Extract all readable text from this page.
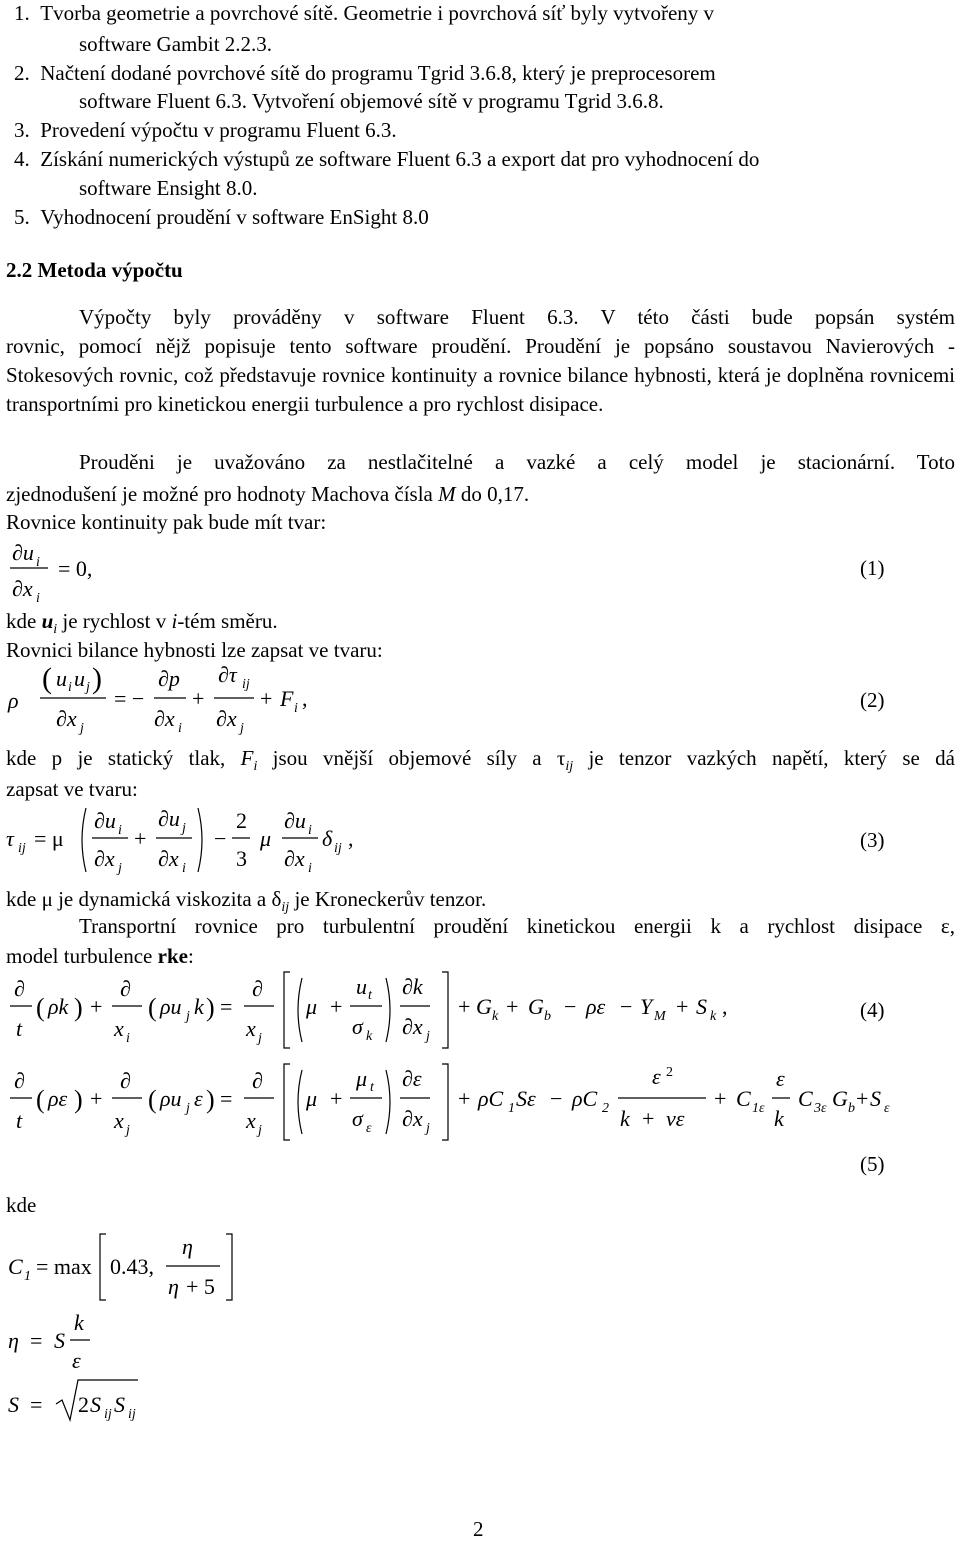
1. Tvorba geometrie a povrchové sítě. Geometrie i povrchová síť byly vytvořeny v
software Gambit 2.2.3.
2. Načtení dodané povrchové sítě do programu Tgrid 3.6.8, který je preprocesorem
software Fluent 6.3. Vytvoření objemové sítě v programu Tgrid 3.6.8.
3. Provedení výpočtu v programu Fluent 6.3.
4. Získání numerických výstupů ze software Fluent 6.3 a export dat pro vyhodnocení do
software Ensight 8.0.
5. Vyhodnocení proudění v software EnSight 8.0
2.2 Metoda výpočtu
Výpočty byly prováděny v software Fluent 6.3. V této části bude popsán systém
rovnic, pomocí nějž popisuje tento software proudění. Proudění je popsáno soustavou Navierových - Stokesových rovnic, což představuje rovnice kontinuity a rovnice bilance hybnosti, která je doplněna rovnicemi transportními pro kinetickou energii turbulence a pro rychlost disipace.
Prouděni je uvažováno za nestlačitelné a vazké a celý model je stacionární. Toto
zjednodušení je možné pro hodnoty Machova čísla M do 0,17.
Rovnice kontinuity pak bude mít tvar:
∂u i
∂x i
= 0,	(1)
kde $u_i$ je rychlost v i-tém směru.
Rovnici bilance hybnosti lze zapsat ve tvaru:
ρ
( u i u j )
∂x j
= −
∂p
∂x i
+
∂τ ij
∂x j
+ F i ,	(2)
kde p je statický tlak, $F_i$ jsou vnější objemové síly a $\tau_{ij}$ je tenzor vazkých napětí, který se dá
zapsat ve tvaru:
τ ij = μ
∂u i
∂x j
+
∂u j
∂x i
−
2
3
μ
∂u i
∂x i
δ ij ,	(3)
kde μ je dynamická viskozita a $\delta_{ij}$ je Kroneckerův tenzor.
Transportní rovnice pro turbulentní proudění kinetickou energii k a rychlost disipace ε,
model turbulence rke:
∂
t
( ρk ) +
∂
x i
( ρu j k ) =
∂
x j
μ +
u t
σ k
∂k
∂x j
+ G k + G b − ρε − Y M + S k ,	(4)
∂
t
( ρε ) +
∂
x j
( ρu j ε ) =
∂
x j
μ +
μ t
σ ε
∂ε
∂x j
+ ρC 1 Sε − ρC 2
ε 2
k + νε
+ C 1ε
ε
k
C 3ε G b + S ε
(5)
kde
C 1 = max 0.43,
η
η + 5
η = S
k
ε
S = 2 S ij S ij
2
